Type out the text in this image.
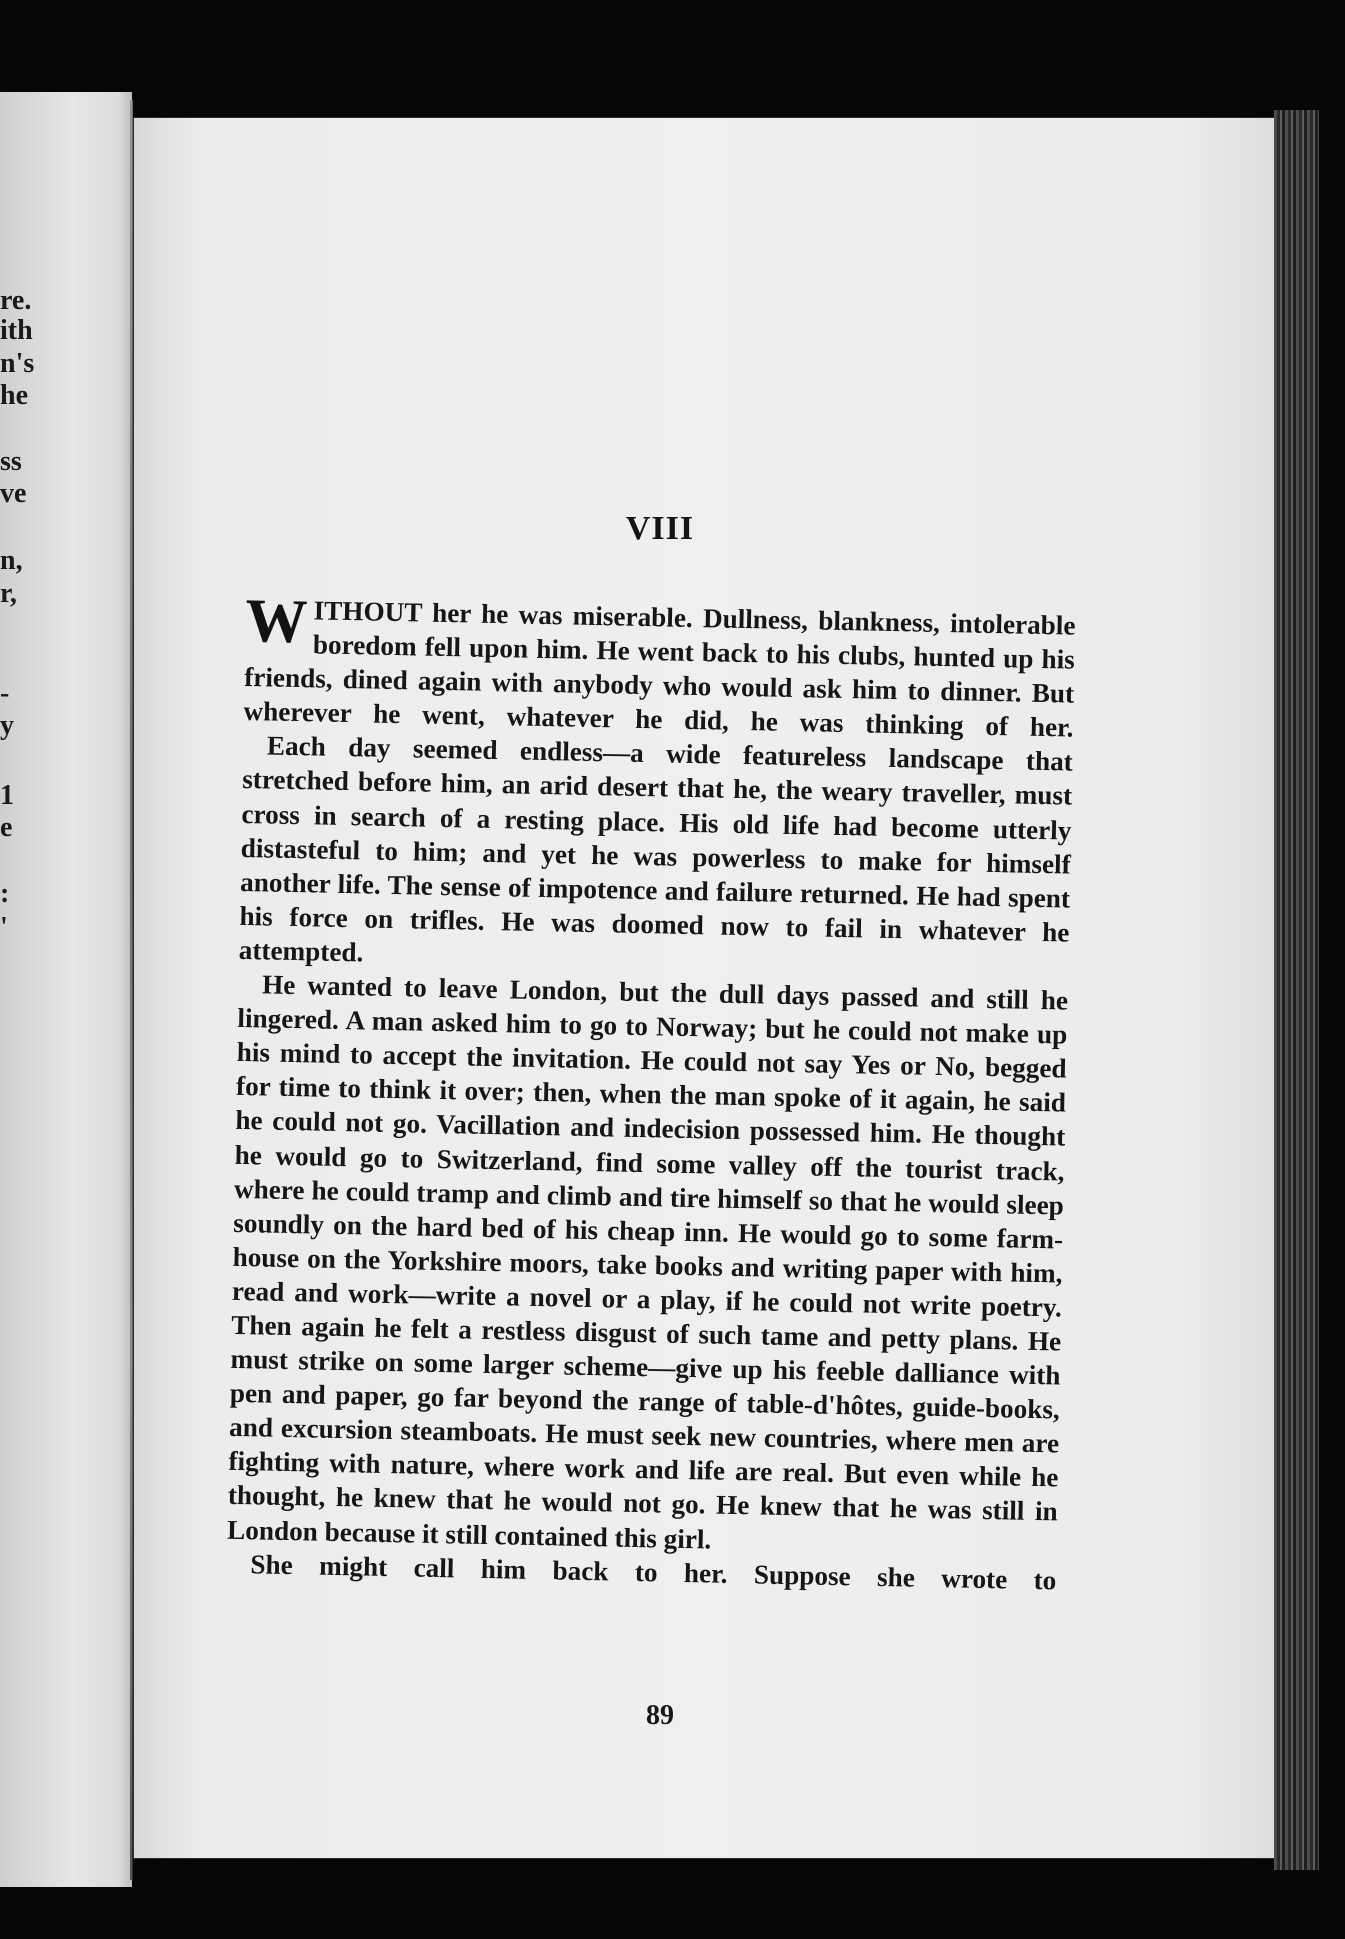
re.
ith
n's
he
ss
ve
n,
r,
-
y
1
e
:
'
VIII

WITHOUT her he was miserable. Dullness, blankness, intolerable boredom fell upon him. He went back to his clubs, hunted up his friends, dined again with anybody who would ask him to dinner. But wherever he went, whatever he did, he was thinking of her.

Each day seemed endless—a wide featureless landscape that stretched before him, an arid desert that he, the weary traveller, must cross in search of a resting place. His old life had become utterly distasteful to him; and yet he was powerless to make for himself another life. The sense of impotence and failure returned. He had spent his force on trifles. He was doomed now to fail in whatever he attempted.

He wanted to leave London, but the dull days passed and still he lingered. A man asked him to go to Norway; but he could not make up his mind to accept the invitation. He could not say Yes or No, begged for time to think it over; then, when the man spoke of it again, he said he could not go. Vacillation and indecision possessed him. He thought he would go to Switzerland, find some valley off the tourist track, where he could tramp and climb and tire himself so that he would sleep soundly on the hard bed of his cheap inn. He would go to some farm-house on the Yorkshire moors, take books and writing paper with him, read and work—write a novel or a play, if he could not write poetry. Then again he felt a restless disgust of such tame and petty plans. He must strike on some larger scheme—give up his feeble dalliance with pen and paper, go far beyond the range of table-d'hôtes, guide-books, and excursion steamboats. He must seek new countries, where men are fighting with nature, where work and life are real. But even while he thought, he knew that he would not go. He knew that he was still in London because it still contained this girl.

She might call him back to her. Suppose she wrote to

89
